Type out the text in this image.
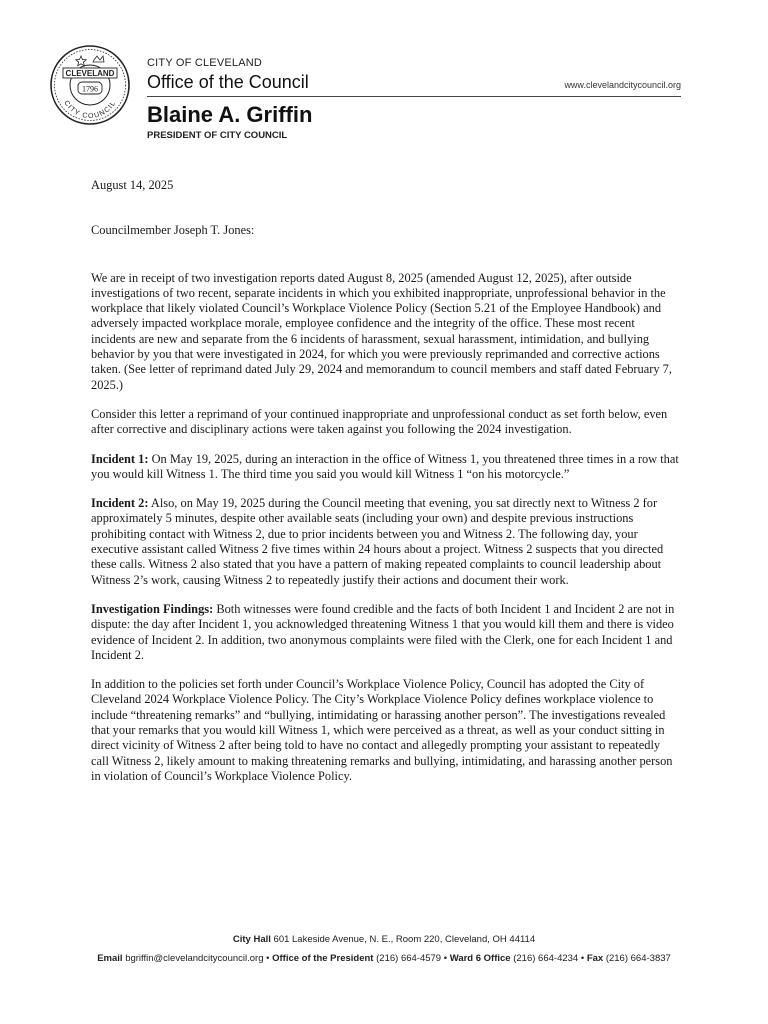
CLEVELAND
1796
CITY COUNCIL
CITY OF CLEVELAND
Office of the Council	www.clevelandcitycouncil.org
Blaine A. Griffin
PRESIDENT OF CITY COUNCIL

August 14, 2025

Councilmember Joseph T. Jones:

We are in receipt of two investigation reports dated August 8, 2025 (amended August 12, 2025), after outside investigations of two recent, separate incidents in which you exhibited inappropriate, unprofessional behavior in the workplace that likely violated Council’s Workplace Violence Policy (Section 5.21 of the Employee Handbook) and adversely impacted workplace morale, employee confidence and the integrity of the office. These most recent incidents are new and separate from the 6 incidents of harassment, sexual harassment, intimidation, and bullying behavior by you that were investigated in 2024, for which you were previously reprimanded and corrective actions taken. (See letter of reprimand dated July 29, 2024 and memorandum to council members and staff dated February 7, 2025.)

Consider this letter a reprimand of your continued inappropriate and unprofessional conduct as set forth below, even after corrective and disciplinary actions were taken against you following the 2024 investigation.

Incident 1: On May 19, 2025, during an interaction in the office of Witness 1, you threatened three times in a row that you would kill Witness 1. The third time you said you would kill Witness 1 “on his motorcycle.”

Incident 2: Also, on May 19, 2025 during the Council meeting that evening, you sat directly next to Witness 2 for approximately 5 minutes, despite other available seats (including your own) and despite previous instructions prohibiting contact with Witness 2, due to prior incidents between you and Witness 2. The following day, your executive assistant called Witness 2 five times within 24 hours about a project. Witness 2 suspects that you directed these calls. Witness 2 also stated that you have a pattern of making repeated complaints to council leadership about Witness 2’s work, causing Witness 2 to repeatedly justify their actions and document their work.

Investigation Findings: Both witnesses were found credible and the facts of both Incident 1 and Incident 2 are not in dispute: the day after Incident 1, you acknowledged threatening Witness 1 that you would kill them and there is video evidence of Incident 2. In addition, two anonymous complaints were filed with the Clerk, one for each Incident 1 and Incident 2.

In addition to the policies set forth under Council’s Workplace Violence Policy, Council has adopted the City of Cleveland 2024 Workplace Violence Policy. The City’s Workplace Violence Policy defines workplace violence to include “threatening remarks” and “bullying, intimidating or harassing another person”. The investigations revealed that your remarks that you would kill Witness 1, which were perceived as a threat, as well as your conduct sitting in direct vicinity of Witness 2 after being told to have no contact and allegedly prompting your assistant to repeatedly call Witness 2, likely amount to making threatening remarks and bullying, intimidating, and harassing another person in violation of Council’s Workplace Violence Policy.

City Hall 601 Lakeside Avenue, N. E., Room 220, Cleveland, OH 44114
Email bgriffin@clevelandcitycouncil.org • Office of the President (216) 664-4579 • Ward 6 Office (216) 664-4234 • Fax (216) 664-3837
